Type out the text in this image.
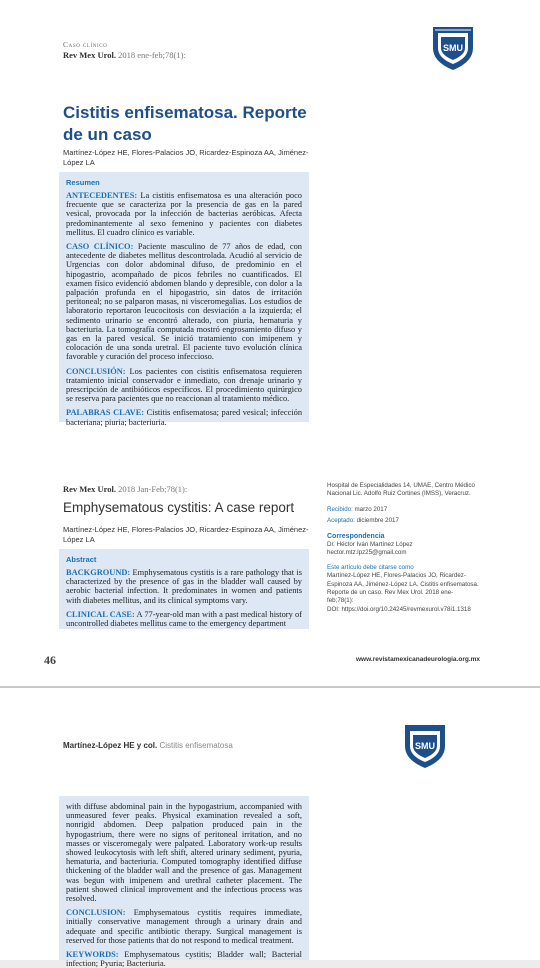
Caso clínico
Rev Mex Urol. 2018 ene-feb;78(1):
SMU
Cistitis enfisematosa. Reporte de un caso
Martínez-López HE, Flores-Palacios JO, Ricardez-Espinoza AA, Jiménez-López LA
Resumen

ANTECEDENTES: La cistitis enfisematosa es una alteración poco frecuente que se caracteriza por la presencia de gas en la pared vesical, provocada por la infección de bacterias aeróbicas. Afecta predominantemente al sexo femenino y pacientes con diabetes mellitus. El cuadro clínico es variable.

CASO CLÍNICO: Paciente masculino de 77 años de edad, con antecedente de diabetes mellitus descontrolada. Acudió al servicio de Urgencias con dolor abdominal difuso, de predominio en el hipogastrio, acompañado de picos febriles no cuantificados. El examen físico evidenció abdomen blando y depresible, con dolor a la palpación profunda en el hipogastrio, sin datos de irritación peritoneal; no se palparon masas, ni visceromegalias. Los estudios de laboratorio reportaron leucocitosis con desviación a la izquierda; el sedimento urinario se encontró alterado, con piuria, hematuria y bacteriuria. La tomografía computada mostró engrosamiento difuso y gas en la pared vesical. Se inició tratamiento con imipenem y colocación de una sonda uretral. El paciente tuvo evolución clínica favorable y curación del proceso infeccioso.

CONCLUSIÓN: Los pacientes con cistitis enfisematosa requieren tratamiento inicial conservador e inmediato, con drenaje urinario y prescripción de antibióticos específicos. El procedimiento quirúrgico se reserva para pacientes que no reaccionan al tratamiento médico.

PALABRAS CLAVE: Cistitis enfisematosa; pared vesical; infección bacteriana; piuria; bacteriuria.

Rev Mex Urol. 2018 Jan-Feb;78(1):
Emphysematous cystitis: A case report
Martínez-López HE, Flores-Palacios JO, Ricardez-Espinoza AA, Jiménez-López LA
Abstract

BACKGROUND: Emphysematous cystitis is a rare pathology that is characterized by the presence of gas in the bladder wall caused by aerobic bacterial infection. It predominates in women and patients with diabetes mellitus, and its clinical symptoms vary.

CLINICAL CASE: A 77-year-old man with a past medical history of uncontrolled diabetes mellitus came to the emergency department

Hospital de Especialidades 14, UMAE, Centro Médico Nacional Lic. Adolfo Ruiz Cortines (IMSS), Veracruz.
Recibido: marzo 2017
Aceptado: diciembre 2017
Correspondencia
Dr. Héctor Iván Martínez López
hector.mtz.lpz25@gmail.com
Este artículo debe citarse como
Martínez-López HE, Flores-Palacios JO, Ricardez-Espinoza AA, Jiménez-López LA. Cistitis enfisematosa. Reporte de un caso. Rev Mex Urol. 2018 ene-feb;78(1):
DOI: https://doi.org/10.24245/revmexurol.v78i1.1318
46	www.revistamexicanadeurologia.org.mx
Martínez-López HE y col. Cistitis enfisematosa	SMU

with diffuse abdominal pain in the hypogastrium, accompanied with unmeasured fever peaks. Physical examination revealed a soft, nonrigid abdomen. Deep palpation produced pain in the hypogastrium, there were no signs of peritoneal irritation, and no masses or visceromegaly were palpated. Laboratory work-up results showed leukocytosis with left shift, altered urinary sediment, pyuria, hematuria, and bacteriuria. Computed tomography identified diffuse thickening of the bladder wall and the presence of gas. Management was begun with imipenem and urethral catheter placement. The patient showed clinical improvement and the infectious process was resolved.

CONCLUSION: Emphysematous cystitis requires immediate, initially conservative management through a urinary drain and adequate and specific antibiotic therapy. Surgical management is reserved for those patients that do not respond to medical treatment.

KEYWORDS: Emphysematous cystitis; Bladder wall; Bacterial infection; Pyuria; Bacteriuria.
